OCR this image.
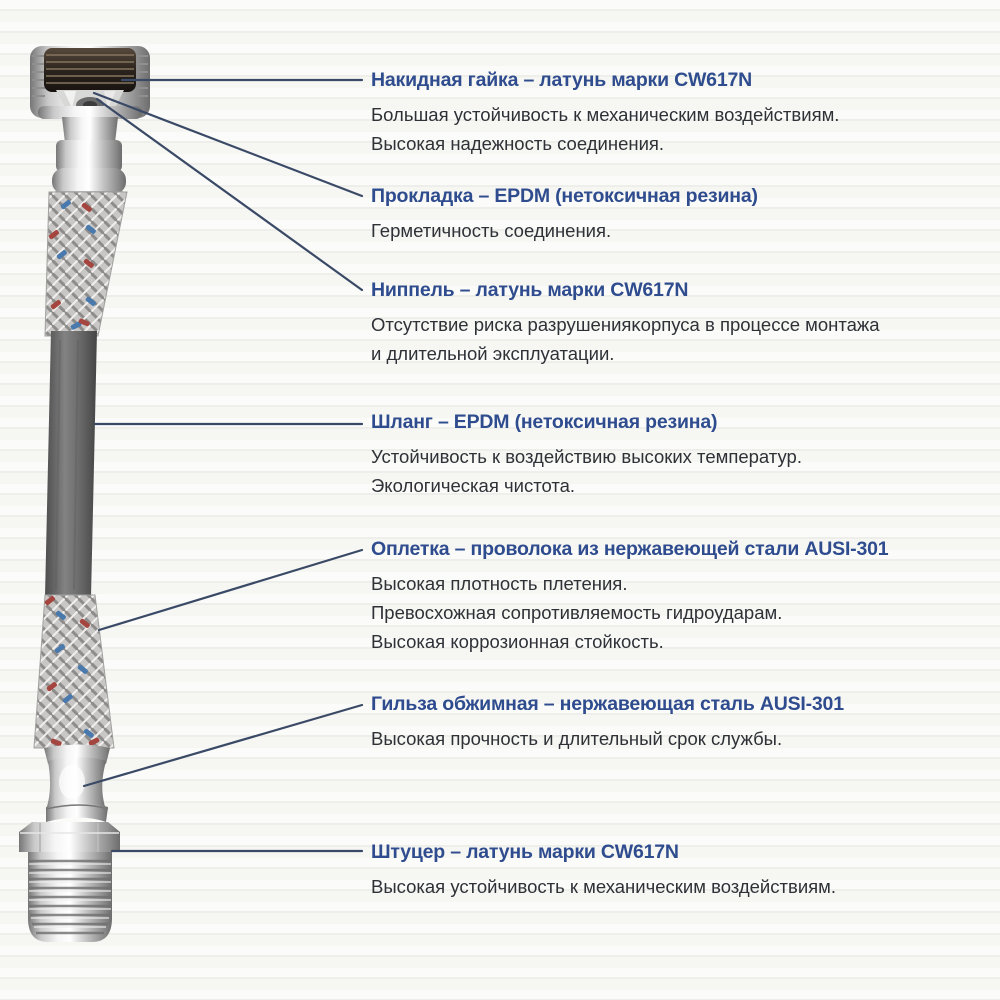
Накидная гайка – латунь марки CW617N

Большая устойчивость к механическим воздействиям.

Высокая надежность соединения.

Прокладка – EPDM (нетоксичная резина)

Герметичность соединения.

Ниппель – латунь марки CW617N

Отсутствие риска разрушенияκорпуса в процессе монтажа

и длительной эксплуатации.

Шланг – EPDM (нетоксичная резина)

Устойчивость к воздействию высоких температур.

Экологическая чистота.

Оплетка – проволока из нержавеющей стали AUSI-301

Высокая плотность плетения.

Превосхожная сопротивляемость гидроударам.

Высокая коррозионная стойкость.

Гильза обжимная – нержавеющая сталь AUSI-301

Высокая прочность и длительный срок службы.

Штуцер – латунь марки CW617N

Высокая устойчивость к механическим воздействиям.
